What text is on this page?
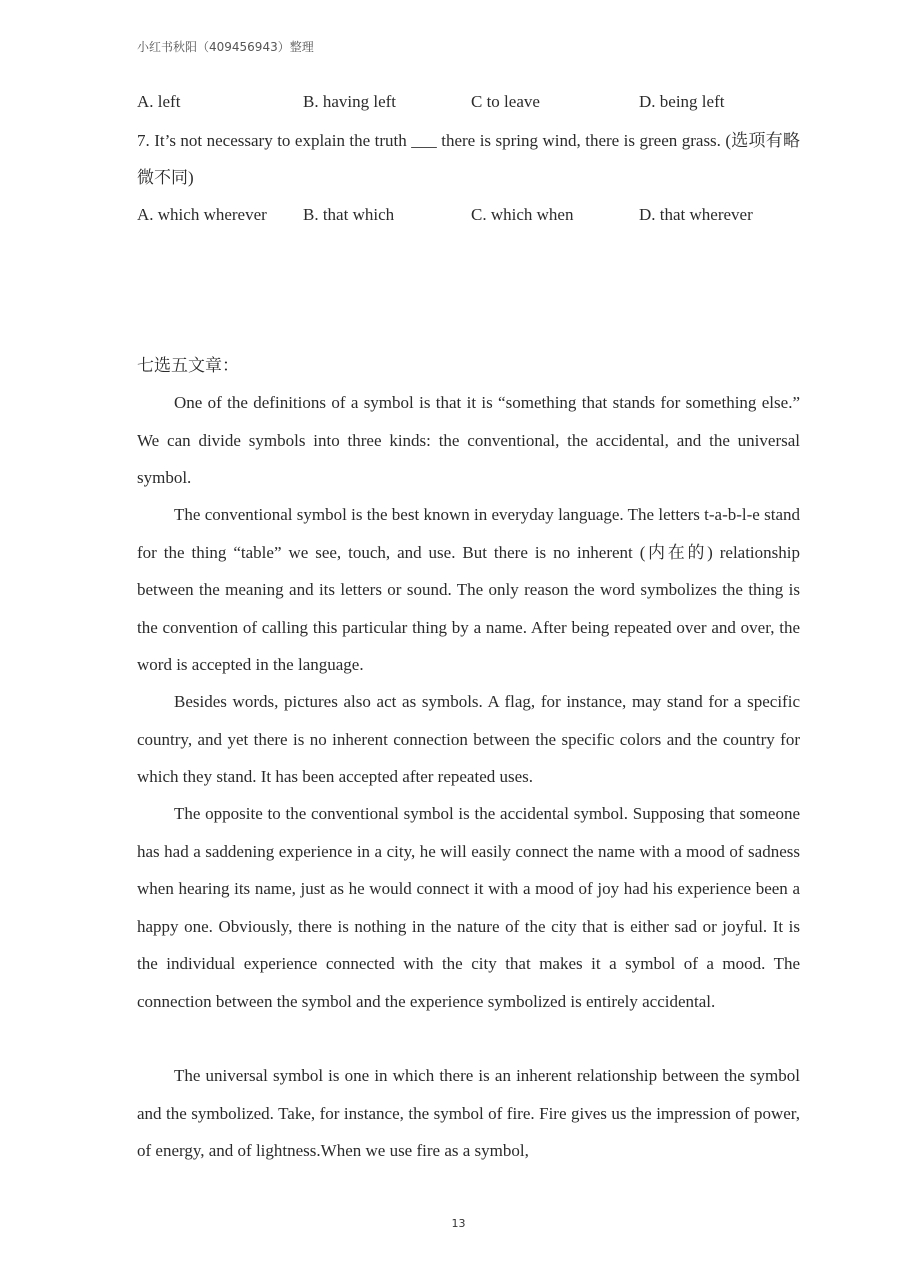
小红书秋阳（409456943）整理
A. left	B. having left	C to leave	D. being left
7. It’s not necessary to explain the truth ___ there is spring wind, there is green grass. (选项有略微不同)
A. which wherever B. that which	C. which when	D. that wherever
七选五文章：

One of the definitions of a symbol is that it is “something that stands for something else.” We can divide symbols into three kinds: the conventional, the accidental, and the universal symbol.

The conventional symbol is the best known in everyday language. The letters t-a-b-l-e stand for the thing “table” we see, touch, and use. But there is no inherent (内在的) relationship between the meaning and its letters or sound. The only reason the word symbolizes the thing is the convention of calling this particular thing by a name. After being repeated over and over, the word is accepted in the language.

Besides words, pictures also act as symbols. A flag, for instance, may stand for a specific country, and yet there is no inherent connection between the specific colors and the country for which they stand. It has been accepted after repeated uses.

The opposite to the conventional symbol is the accidental symbol. Supposing that someone has had a saddening experience in a city, he will easily connect the name with a mood of sadness when hearing its name, just as he would connect it with a mood of joy had his experience been a happy one. Obviously, there is nothing in the nature of the city that is either sad or joyful. It is the individual experience connected with the city that makes it a symbol of a mood. The connection between the symbol and the experience symbolized is entirely accidental.

The universal symbol is one in which there is an inherent relationship between the symbol and the symbolized. Take, for instance, the symbol of fire. Fire gives us the impression of power, of energy, and of lightness.When we use fire as a symbol,

13
